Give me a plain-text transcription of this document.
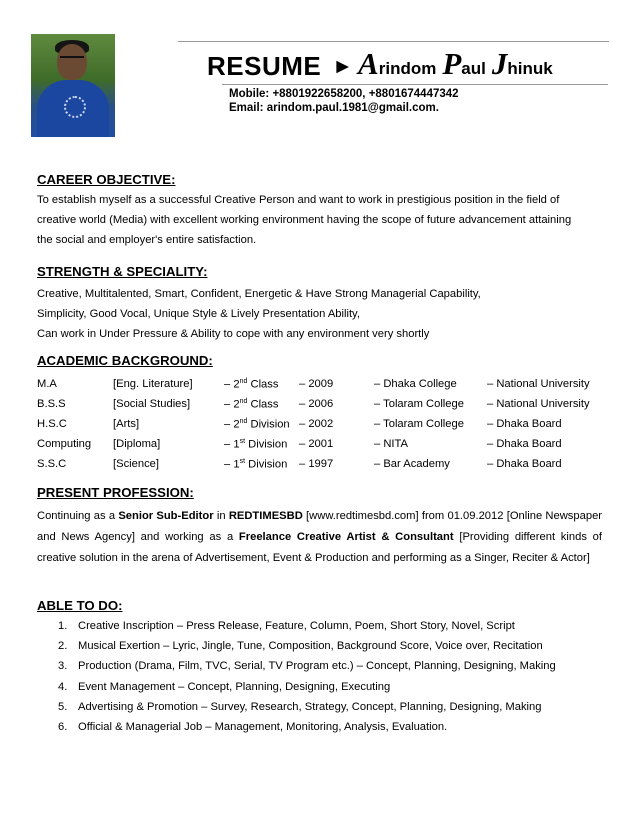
RESUME ► Arindom Paul Jhinuk
Mobile: +8801922658200, +8801674447342
Email: arindom.paul.1981@gmail.com.
CAREER OBJECTIVE:
To establish myself as a successful Creative Person and want to work in prestigious position in the field of
creative world (Media) with excellent working environment having the scope of future advancement attaining
the social and employer's entire satisfaction.
STRENGTH & SPECIALITY:
Creative, Multitalented, Smart, Confident, Energetic & Have Strong Managerial Capability,
Simplicity, Good Vocal, Unique Style & Lively Presentation Ability,
Can work in Under Pressure & Ability to cope with any environment very shortly
ACADEMIC BACKGROUND:
M.A	[Eng. Literature]	– 2nd Class – 2009	– Dhaka College	– National University
B.S.S	[Social Studies]	– 2nd Class – 2006	– Tolaram College – National University
H.S.C	[Arts]	– 2nd Division – 2002	– Tolaram College – Dhaka Board
Computing [Diploma]	– 1st Division – 2001	– NITA	– Dhaka Board
S.S.C	[Science]	– 1st Division – 1997	– Bar Academy	– Dhaka Board
PRESENT PROFESSION:
Continuing as a Senior Sub-Editor in REDTIMESBD [www.redtimesbd.com] from 01.09.2012 [Online Newspaper and News Agency] and working as a Freelance Creative Artist & Consultant [Providing different kinds of creative solution in the arena of Advertisement, Event & Production and performing as a Singer, Reciter & Actor]
ABLE TO DO:
1. Creative Inscription – Press Release, Feature, Column, Poem, Short Story, Novel, Script
2. Musical Exertion – Lyric, Jingle, Tune, Composition, Background Score, Voice over, Recitation
3. Production (Drama, Film, TVC, Serial, TV Program etc.) – Concept, Planning, Designing, Making
4. Event Management – Concept, Planning, Designing, Executing
5. Advertising & Promotion – Survey, Research, Strategy, Concept, Planning, Designing, Making
6. Official & Managerial Job – Management, Monitoring, Analysis, Evaluation.
